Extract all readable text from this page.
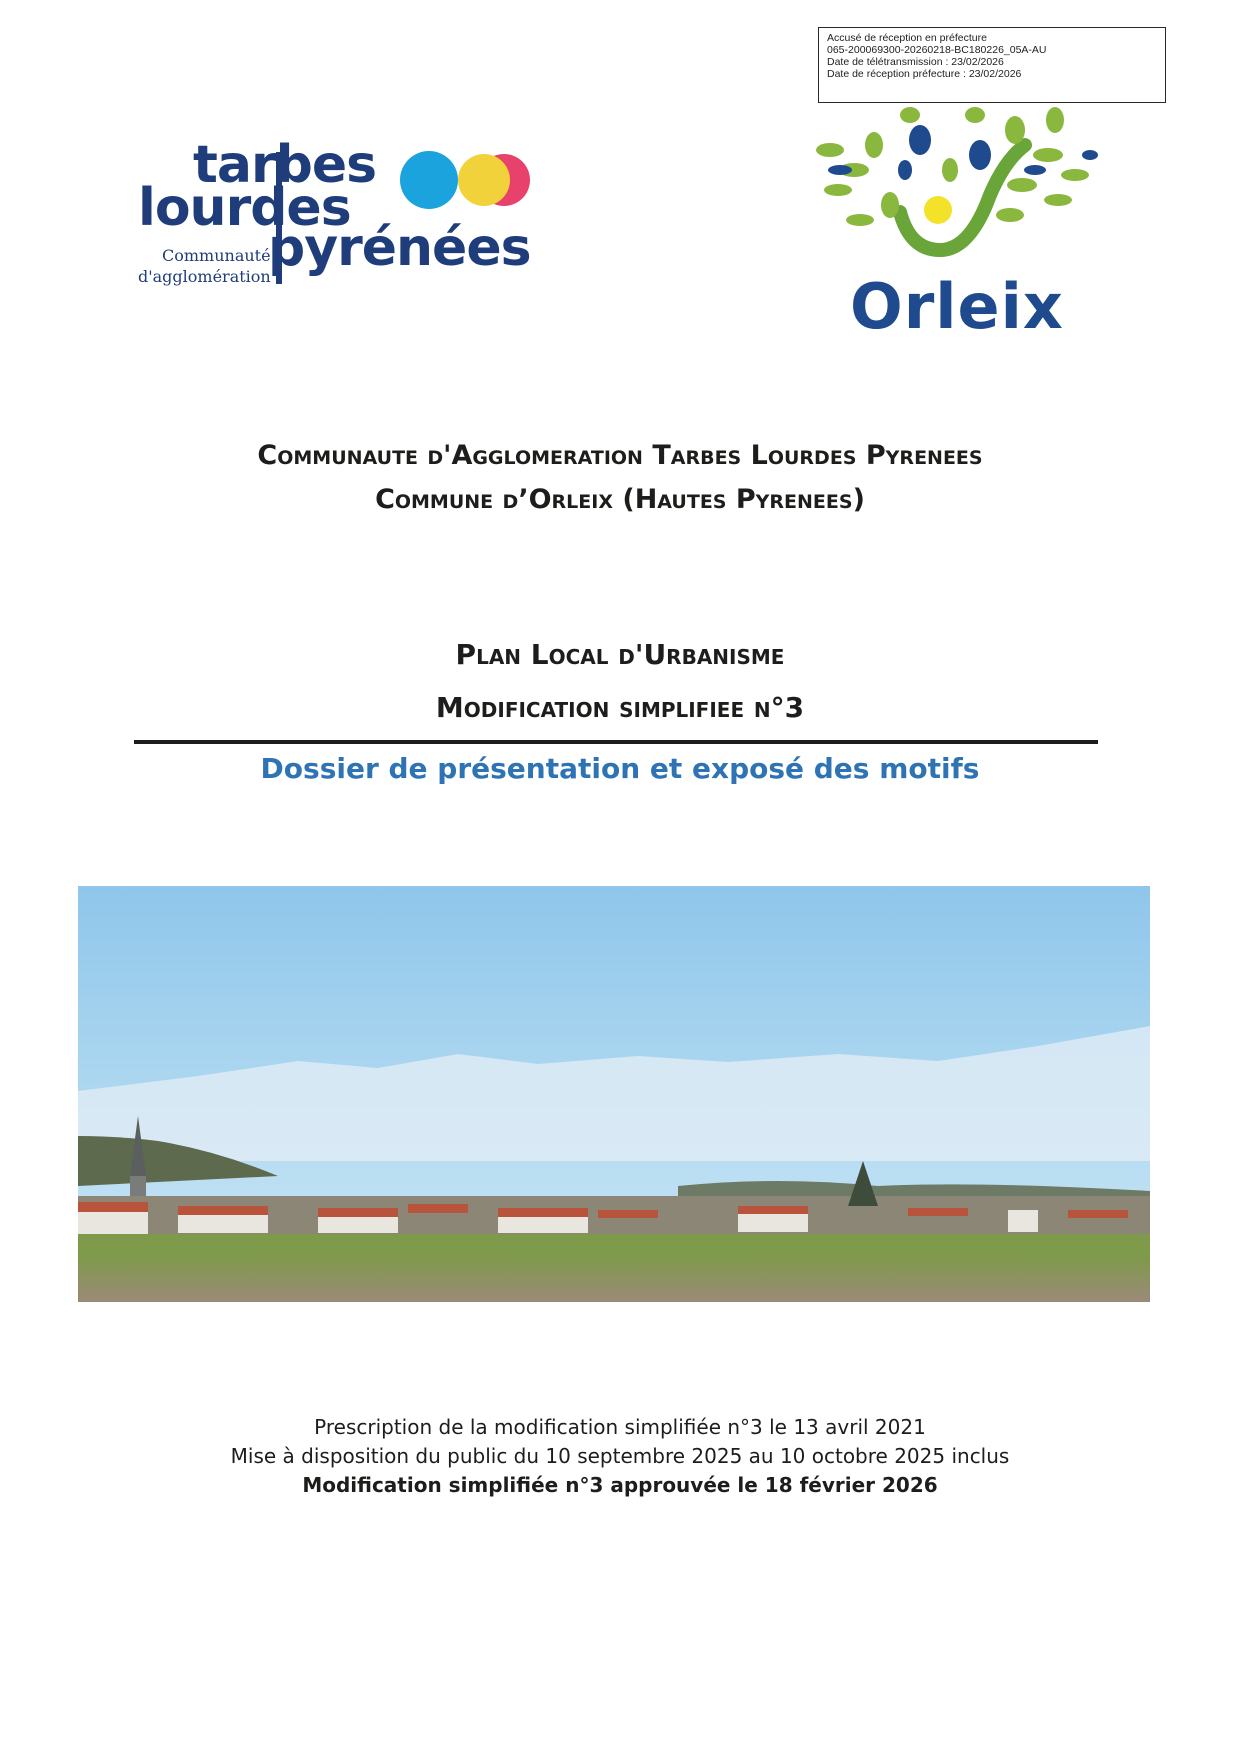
Accusé de réception en préfecture
065-200069300-20260218-BC180226_05A-AU
Date de télétransmission : 23/02/2026
Date de réception préfecture : 23/02/2026
tarbes
lourdes
pyrénées
Communauté
d'agglomération	Orleix
Communaute d'Agglomeration Tarbes Lourdes Pyrenees
Commune d’Orleix (Hautes Pyrenees)
Plan Local d'Urbanisme
Modification simplifiee n°3
Dossier de présentation et exposé des motifs
Prescription de la modification simplifiée n°3 le 13 avril 2021
Mise à disposition du public du 10 septembre 2025 au 10 octobre 2025 inclus
Modification simplifiée n°3 approuvée le 18 février 2026
